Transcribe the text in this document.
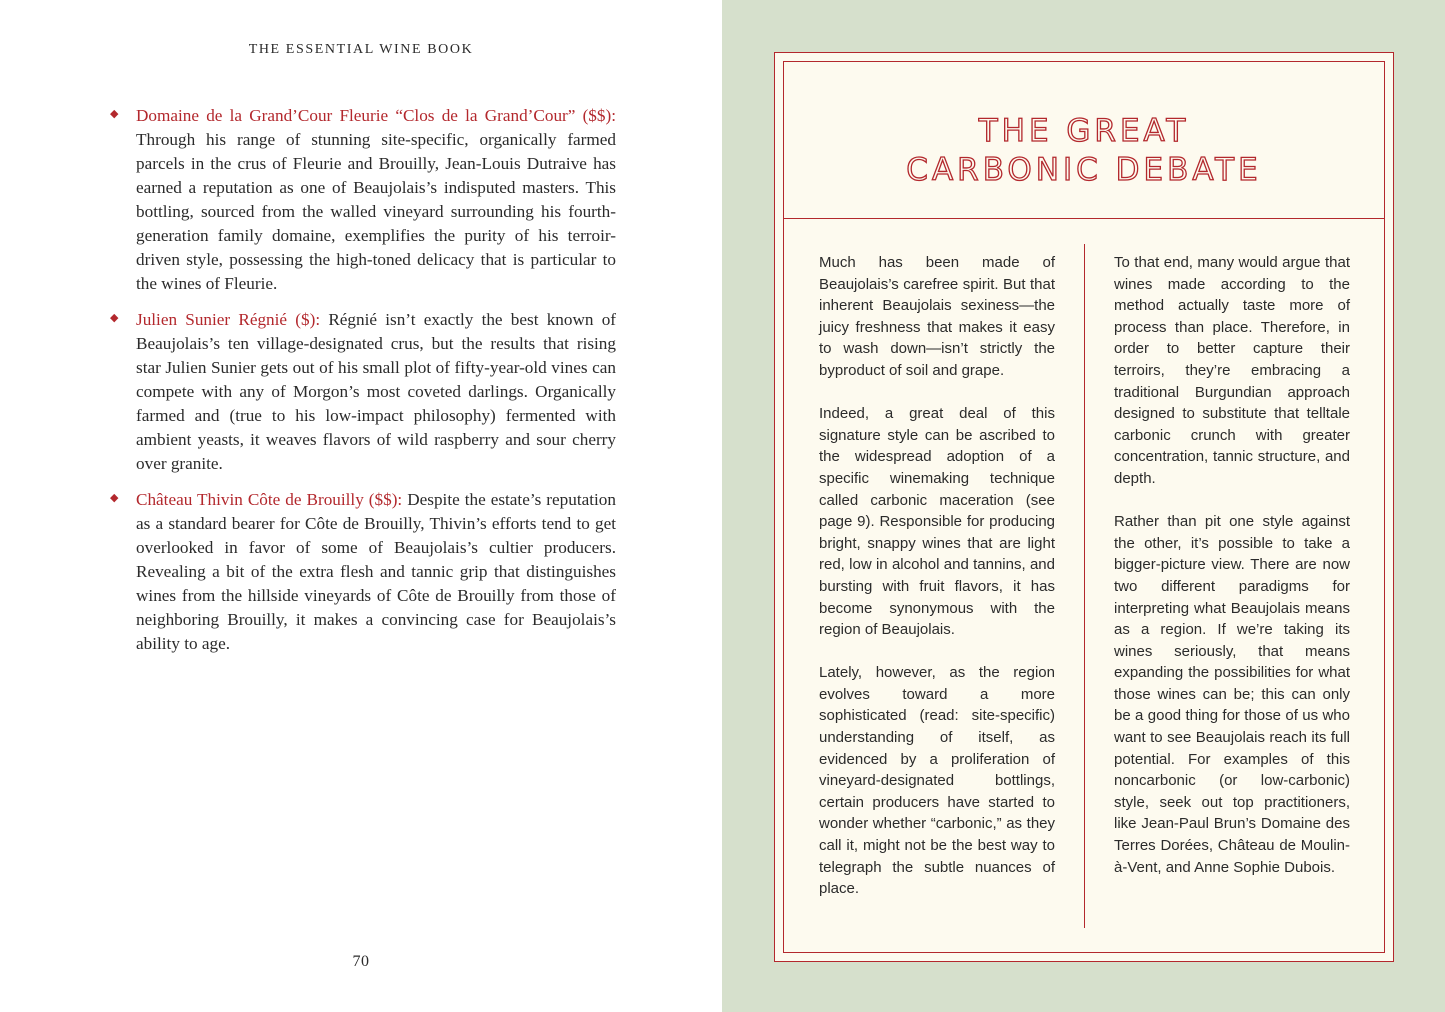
THE ESSENTIAL WINE BOOK
◆ Domaine de la Grand’Cour Fleurie “Clos de la Grand’Cour” ($$): Through his range of stunning site-specific, organically farmed parcels in the crus of Fleurie and Brouilly, Jean-Louis Dutraive has earned a reputation as one of Beaujolais’s indisputed masters. This bottling, sourced from the walled vineyard surrounding his fourth-generation family domaine, exemplifies the purity of his terroir-driven style, possessing the high-toned delicacy that is particular to the wines of Fleurie.

◆ Julien Sunier Régnié ($): Régnié isn’t exactly the best known of Beaujolais’s ten village-designated crus, but the results that rising star Julien Sunier gets out of his small plot of fifty-year-old vines can compete with any of Morgon’s most coveted darlings. Organically farmed and (true to his low-impact philosophy) fermented with ambient yeasts, it weaves flavors of wild raspberry and sour cherry over granite.

◆ Château Thivin Côte de Brouilly ($$): Despite the estate’s reputation as a standard bearer for Côte de Brouilly, Thivin’s efforts tend to get overlooked in favor of some of Beaujolais’s cultier producers. Revealing a bit of the extra flesh and tannic grip that distinguishes wines from the hillside vineyards of Côte de Brouilly from those of neighboring Brouilly, it makes a convincing case for Beaujolais’s ability to age.

70
THE GREAT
CARBONIC DEBATE

Much has been made of Beaujolais’s carefree spirit. But that inherent Beaujolais sexiness—the juicy freshness that makes it easy to wash down—isn’t strictly the byproduct of soil and grape.

Indeed, a great deal of this signature style can be ascribed to the widespread adoption of a specific winemaking technique called carbonic maceration (see page 9). Responsible for producing bright, snappy wines that are light red, low in alcohol and tannins, and bursting with fruit flavors, it has become synonymous with the region of Beaujolais.

Lately, however, as the region evolves toward a more sophisticated (read: site-specific) understanding of itself, as evidenced by a proliferation of vineyard-designated bottlings, certain producers have started to wonder whether “carbonic,” as they call it, might not be the best way to telegraph the subtle nuances of place.

To that end, many would argue that wines made according to the method actually taste more of process than place. Therefore, in order to better capture their terroirs, they’re embracing a traditional Burgundian approach designed to substitute that telltale carbonic crunch with greater concentration, tannic structure, and depth.

Rather than pit one style against the other, it’s possible to take a bigger-picture view. There are now two different paradigms for interpreting what Beaujolais means as a region. If we’re taking its wines seriously, that means expanding the possibilities for what those wines can be; this can only be a good thing for those of us who want to see Beaujolais reach its full potential. For examples of this noncarbonic (or low-carbonic) style, seek out top practitioners, like Jean-Paul Brun’s Domaine des Terres Dorées, Château de Moulin-à-Vent, and Anne Sophie Dubois.
